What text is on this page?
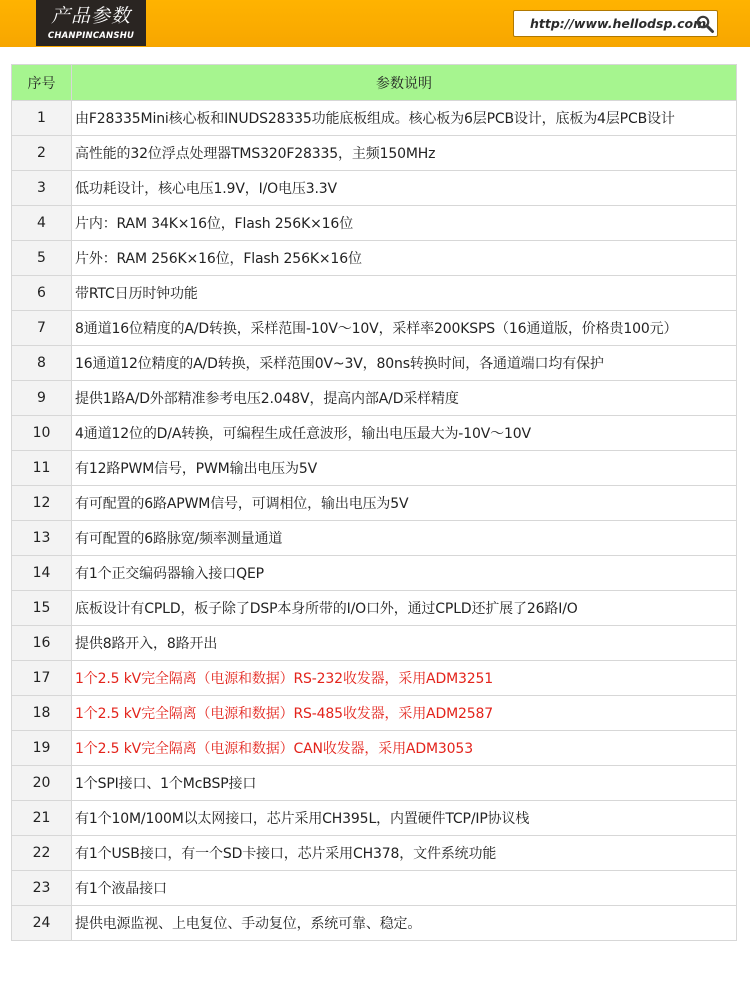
产品参数
CHANPINCANSHU
http://www.hellodsp.com
序号	参数说明
1	由F28335Mini核心板和INUDS28335功能底板组成。核心板为6层PCB设计，底板为4层PCB设计
2	高性能的32位浮点处理器TMS320F28335，主频150MHz
3	低功耗设计，核心电压1.9V，I/O电压3.3V
4	片内：RAM 34K×16位，Flash 256K×16位
5	片外：RAM 256K×16位，Flash 256K×16位
6	带RTC日历时钟功能
7	8通道16位精度的A/D转换，采样范围-10V～10V，采样率200KSPS（16通道版，价格贵100元）
8	16通道12位精度的A/D转换，采样范围0V~3V，80ns转换时间，各通道端口均有保护
9	提供1路A/D外部精准参考电压2.048V，提高内部A/D采样精度
10	4通道12位的D/A转换，可编程生成任意波形，输出电压最大为-10V～10V
11	有12路PWM信号，PWM输出电压为5V
12	有可配置的6路APWM信号，可调相位，输出电压为5V
13	有可配置的6路脉宽/频率测量通道
14	有1个正交编码器输入接口QEP
15	底板设计有CPLD，板子除了DSP本身所带的I/O口外，通过CPLD还扩展了26路I/O
16	提供8路开入，8路开出
17	1个2.5 kV完全隔离（电源和数据）RS-232收发器，采用ADM3251
18	1个2.5 kV完全隔离（电源和数据）RS-485收发器，采用ADM2587
19	1个2.5 kV完全隔离（电源和数据）CAN收发器，采用ADM3053
20	1个SPI接口、1个McBSP接口
21	有1个10M/100M以太网接口，芯片采用CH395L，内置硬件TCP/IP协议栈
22	有1个USB接口，有一个SD卡接口，芯片采用CH378，文件系统功能
23	有1个液晶接口
24	提供电源监视、上电复位、手动复位，系统可靠、稳定。
